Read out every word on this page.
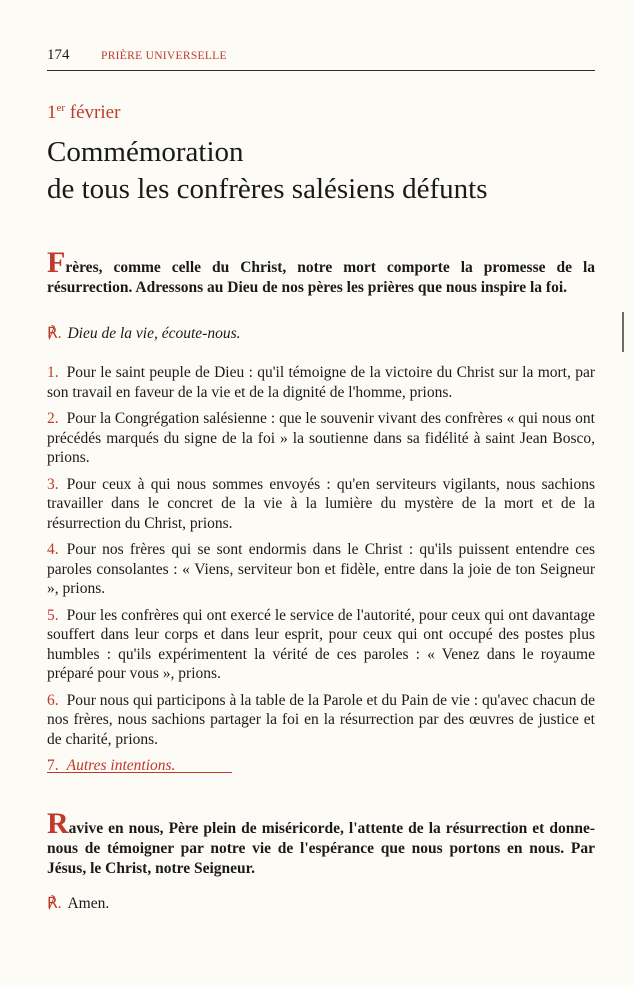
174	PRIÈRE UNIVERSELLE
1er février
Commémoration
de tous les confrères salésiens défunts
Frères, comme celle du Christ, notre mort comporte la promesse de la résurrection. Adressons au Dieu de nos pères les prières que nous inspire la foi.
℟. Dieu de la vie, écoute-nous.
1. Pour le saint peuple de Dieu : qu'il témoigne de la victoire du Christ sur la mort, par son travail en faveur de la vie et de la dignité de l'homme, prions.
2. Pour la Congrégation salésienne : que le souvenir vivant des confrères « qui nous ont précédés marqués du signe de la foi » la soutienne dans sa fidélité à saint Jean Bosco, prions.
3. Pour ceux à qui nous sommes envoyés : qu'en serviteurs vigilants, nous sachions travailler dans le concret de la vie à la lumière du mystère de la mort et de la résurrection du Christ, prions.
4. Pour nos frères qui se sont endormis dans le Christ : qu'ils puissent entendre ces paroles consolantes : « Viens, serviteur bon et fidèle, entre dans la joie de ton Seigneur », prions.
5. Pour les confrères qui ont exercé le service de l'autorité, pour ceux qui ont davantage souffert dans leur corps et dans leur esprit, pour ceux qui ont occupé des postes plus humbles : qu'ils expérimentent la vérité de ces paroles : « Venez dans le royaume préparé pour vous », prions.
6. Pour nous qui participons à la table de la Parole et du Pain de vie : qu'avec chacun de nos frères, nous sachions partager la foi en la résurrection par des œuvres de justice et de charité, prions.
7. Autres intentions.
Ravive en nous, Père plein de miséricorde, l'attente de la résurrection et donne-nous de témoigner par notre vie de l'espérance que nous portons en nous. Par Jésus, le Christ, notre Seigneur.
℟. Amen.
